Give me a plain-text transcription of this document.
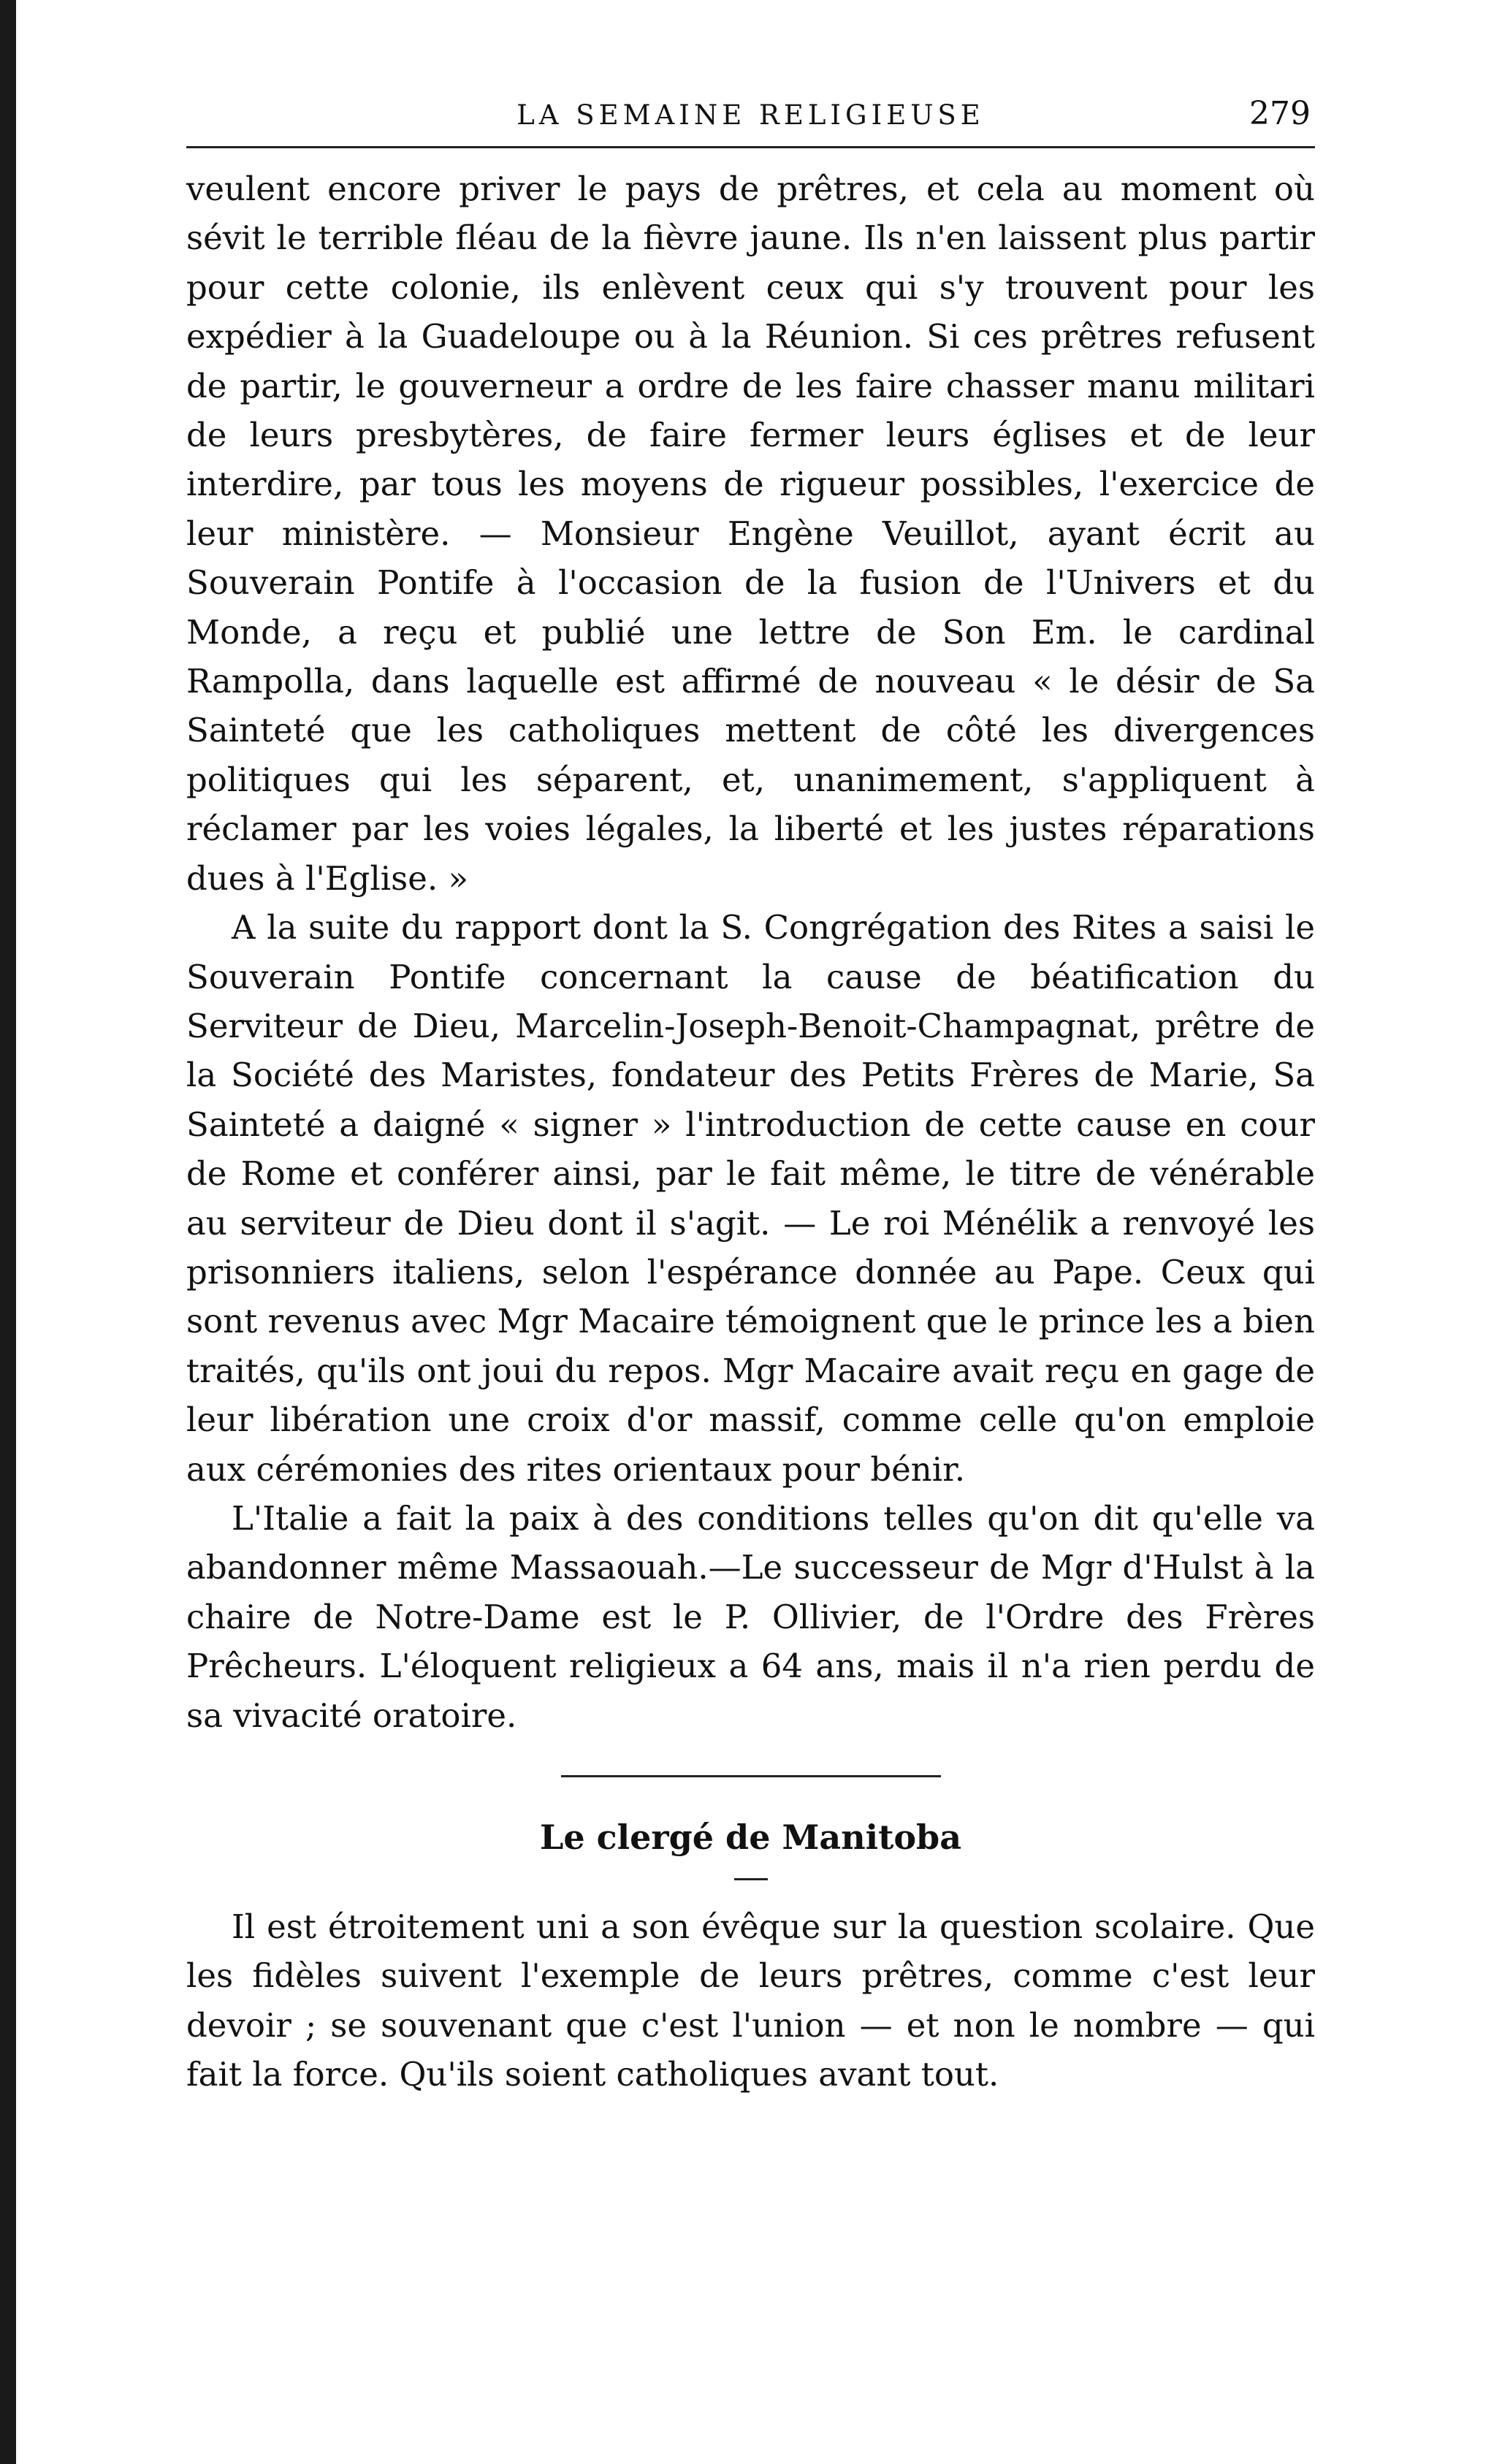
LA SEMAINE RELIGIEUSE	279

veulent encore priver le pays de prêtres, et cela au moment où sévit le terrible fléau de la fièvre jaune. Ils n'en laissent plus partir pour cette colonie, ils enlèvent ceux qui s'y trouvent pour les expédier à la Guadeloupe ou à la Réunion. Si ces prêtres refusent de partir, le gouverneur a ordre de les faire chasser manu militari de leurs presbytères, de faire fermer leurs églises et de leur interdire, par tous les moyens de rigueur possibles, l'exercice de leur ministère. — Monsieur Engène Veuillot, ayant écrit au Souverain Pontife à l'occasion de la fusion de l'Univers et du Monde, a reçu et publié une lettre de Son Em. le cardinal Rampolla, dans laquelle est affirmé de nouveau « le désir de Sa Sainteté que les catholiques mettent de côté les divergences politiques qui les séparent, et, unanimement, s'appliquent à réclamer par les voies légales, la liberté et les justes réparations dues à l'Eglise. »

A la suite du rapport dont la S. Congrégation des Rites a saisi le Souverain Pontife concernant la cause de béatification du Serviteur de Dieu, Marcelin-Joseph-Benoit-Champagnat, prêtre de la Société des Maristes, fondateur des Petits Frères de Marie, Sa Sainteté a daigné « signer » l'introduction de cette cause en cour de Rome et conférer ainsi, par le fait même, le titre de vénérable au serviteur de Dieu dont il s'agit. — Le roi Ménélik a renvoyé les prisonniers italiens, selon l'espérance donnée au Pape. Ceux qui sont revenus avec Mgr Macaire témoignent que le prince les a bien traités, qu'ils ont joui du repos. Mgr Macaire avait reçu en gage de leur libération une croix d'or massif, comme celle qu'on emploie aux cérémonies des rites orientaux pour bénir.

L'Italie a fait la paix à des conditions telles qu'on dit qu'elle va abandonner même Massaouah.—Le successeur de Mgr d'Hulst à la chaire de Notre-Dame est le P. Ollivier, de l'Ordre des Frères Prêcheurs. L'éloquent religieux a 64 ans, mais il n'a rien perdu de sa vivacité oratoire.

Le clergé de Manitoba

Il est étroitement uni a son évêque sur la question scolaire. Que les fidèles suivent l'exemple de leurs prêtres, comme c'est leur devoir ; se souvenant que c'est l'union — et non le nombre — qui fait la force. Qu'ils soient catholiques avant tout.
